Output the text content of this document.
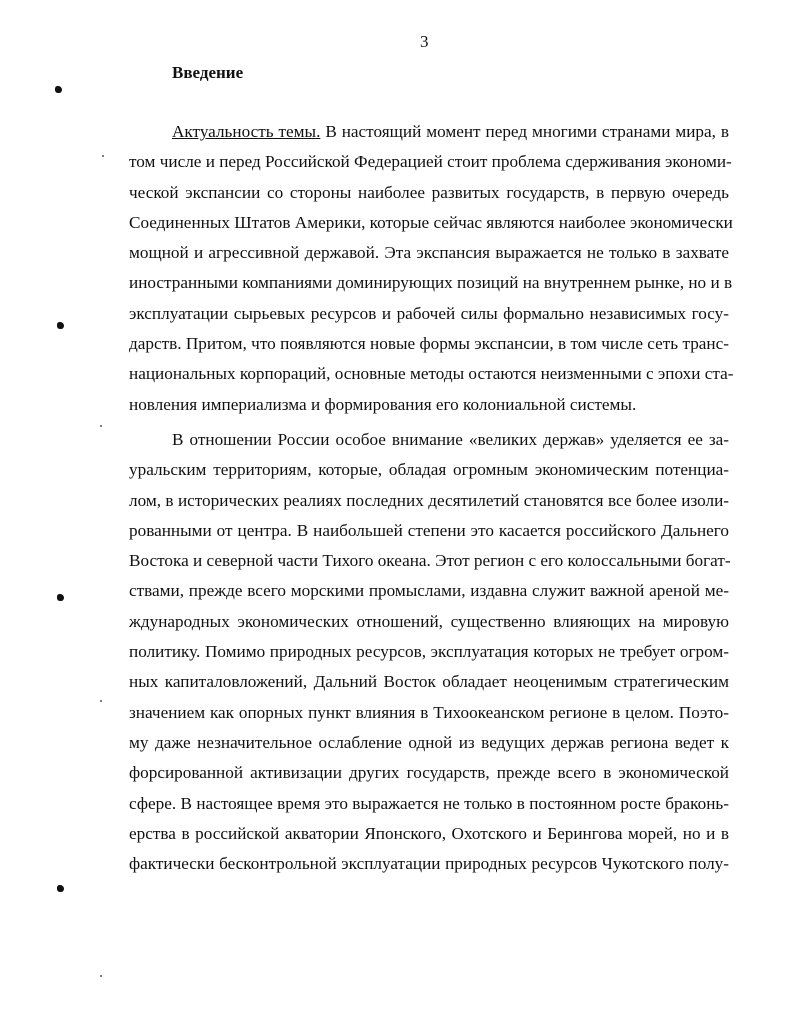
3
Введение
Актуальность темы. В настоящий момент перед многими странами мира, в
том числе и перед Российской Федерацией стоит проблема сдерживания экономи-
ческой экспансии со стороны наиболее развитых государств, в первую очередь
Соединенных Штатов Америки, которые сейчас являются наиболее экономически
мощной и агрессивной державой. Эта экспансия выражается не только в захвате
иностранными компаниями доминирующих позиций на внутреннем рынке, но и в
эксплуатации сырьевых ресурсов и рабочей силы формально независимых госу-
дарств. Притом, что появляются новые формы экспансии, в том числе сеть транс-
национальных корпораций, основные методы остаются неизменными с эпохи ста-
новления империализма и формирования его колониальной системы.
В отношении России особое внимание «великих держав» уделяется ее за-
уральским территориям, которые, обладая огромным экономическим потенциа-
лом, в исторических реалиях последних десятилетий становятся все более изоли-
рованными от центра. В наибольшей степени это касается российского Дальнего
Востока и северной части Тихого океана. Этот регион с его колоссальными богат-
ствами, прежде всего морскими промыслами, издавна служит важной ареной ме-
ждународных экономических отношений, существенно влияющих на мировую
политику. Помимо природных ресурсов, эксплуатация которых не требует огром-
ных капиталовложений, Дальний Восток обладает неоценимым стратегическим
значением как опорных пункт влияния в Тихоокеанском регионе в целом. Поэто-
му даже незначительное ослабление одной из ведущих держав региона ведет к
форсированной активизации других государств, прежде всего в экономической
сфере. В настоящее время это выражается не только в постоянном росте браконь-
ерства в российской акватории Японского, Охотского и Берингова морей, но и в
фактически бесконтрольной эксплуатации природных ресурсов Чукотского полу-
